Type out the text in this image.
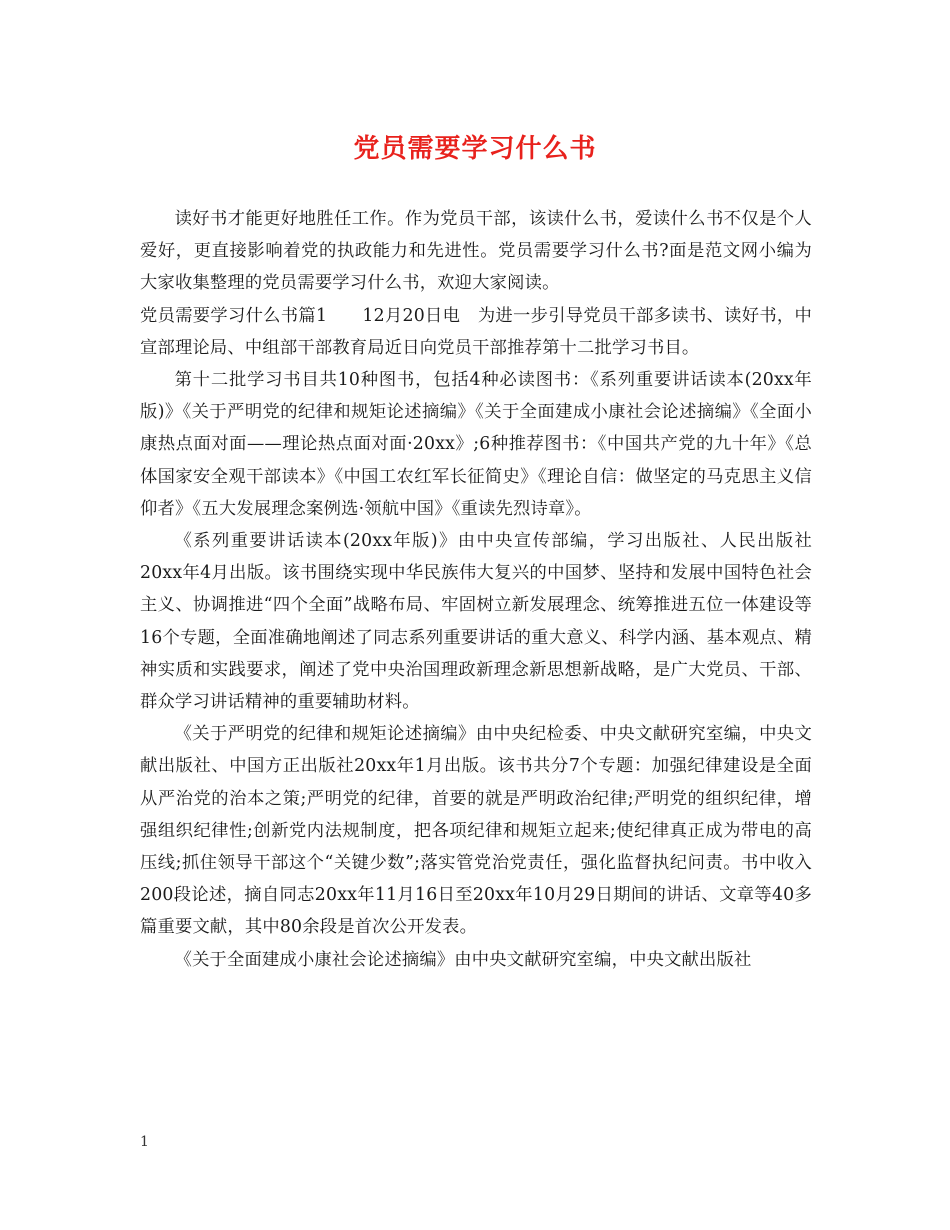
党员需要学习什么书

读好书才能更好地胜任工作。作为党员干部，该读什么书，爱读什么书不仅是个人爱好，更直接影响着党的执政能力和先进性。党员需要学习什么书?面是范文网小编为大家收集整理的党员需要学习什么书，欢迎大家阅读。

党员需要学习什么书篇1　　12月20日电　为进一步引导党员干部多读书、读好书，中宣部理论局、中组部干部教育局近日向党员干部推荐第十二批学习书目。

第十二批学习书目共10种图书，包括4种必读图书：《系列重要讲话读本(20xx年版)》《关于严明党的纪律和规矩论述摘编》《关于全面建成小康社会论述摘编》《全面小康热点面对面——理论热点面对面·20xx》;6种推荐图书：《中国共产党的九十年》《总体国家安全观干部读本》《中国工农红军长征简史》《理论自信：做坚定的马克思主义信仰者》《五大发展理念案例选·领航中国》《重读先烈诗章》。

《系列重要讲话读本(20xx年版)》由中央宣传部编，学习出版社、人民出版社20xx年4月出版。该书围绕实现中华民族伟大复兴的中国梦、坚持和发展中国特色社会主义、协调推进“四个全面”战略布局、牢固树立新发展理念、统筹推进五位一体建设等16个专题，全面准确地阐述了同志系列重要讲话的重大意义、科学内涵、基本观点、精神实质和实践要求，阐述了党中央治国理政新理念新思想新战略，是广大党员、干部、群众学习讲话精神的重要辅助材料。

《关于严明党的纪律和规矩论述摘编》由中央纪检委、中央文献研究室编，中央文献出版社、中国方正出版社20xx年1月出版。该书共分7个专题：加强纪律建设是全面从严治党的治本之策;严明党的纪律，首要的就是严明政治纪律;严明党的组织纪律，增强组织纪律性;创新党内法规制度，把各项纪律和规矩立起来;使纪律真正成为带电的高压线;抓住领导干部这个“关键少数”;落实管党治党责任，强化监督执纪问责。书中收入200段论述，摘自同志20xx年11月16日至20xx年10月29日期间的讲话、文章等40多篇重要文献，其中80余段是首次公开发表。

《关于全面建成小康社会论述摘编》由中央文献研究室编，中央文献出版社

1
